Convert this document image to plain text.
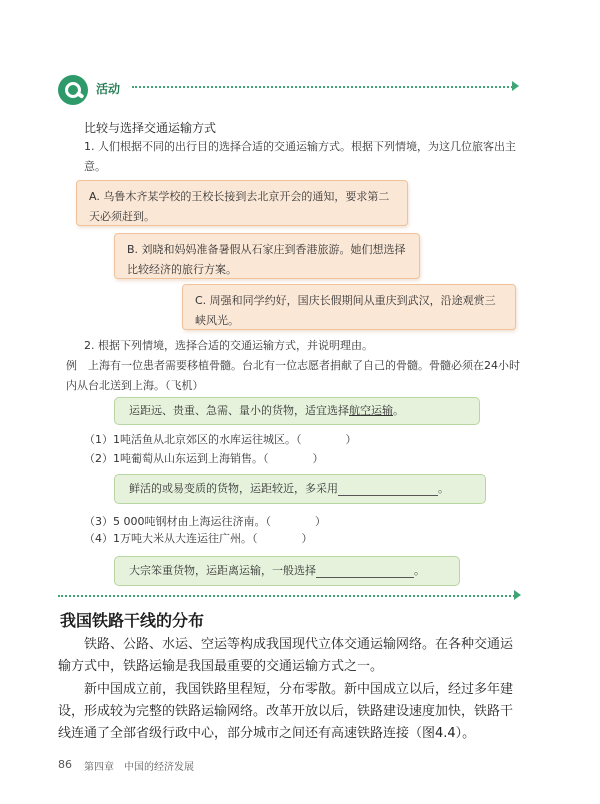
活动
比较与选择交通运输方式
1. 人们根据不同的出行目的选择合适的交通运输方式。根据下列情境，为这几位旅客出主意。
A. 乌鲁木齐某学校的王校长接到去北京开会的通知，要求第二天必须赶到。
B. 刘晓和妈妈准备暑假从石家庄到香港旅游。她们想选择比较经济的旅行方案。
C. 周强和同学约好，国庆长假期间从重庆到武汉，沿途观赏三峡风光。
2. 根据下列情境，选择合适的交通运输方式，并说明理由。
例　上海有一位患者需要移植骨髓。台北有一位志愿者捐献了自己的骨髓。骨髓必须在24小时内从台北送到上海。（飞机）
运距远、贵重、急需、量小的货物，适宜选择航空运输。
（1）1吨活鱼从北京郊区的水库运往城区。（　　　　）
（2）1吨葡萄从山东运到上海销售。（　　　　）
鲜活的或易变质的货物，运距较近，多采用	。
（3）5 000吨钢材由上海运往济南。（　　　　）
（4）1万吨大米从大连运往广州。（　　　　）
大宗笨重货物，运距离运输，一般选择	。
我国铁路干线的分布
铁路、公路、水运、空运等构成我国现代立体交通运输网络。在各种交通运输方式中，铁路运输是我国最重要的交通运输方式之一。
新中国成立前，我国铁路里程短，分布零散。新中国成立以后，经过多年建设，形成较为完整的铁路运输网络。改革开放以后，铁路建设速度加快，铁路干线连通了全部省级行政中心，部分城市之间还有高速铁路连接（图4.4）。
86 第四章　中国的经济发展
